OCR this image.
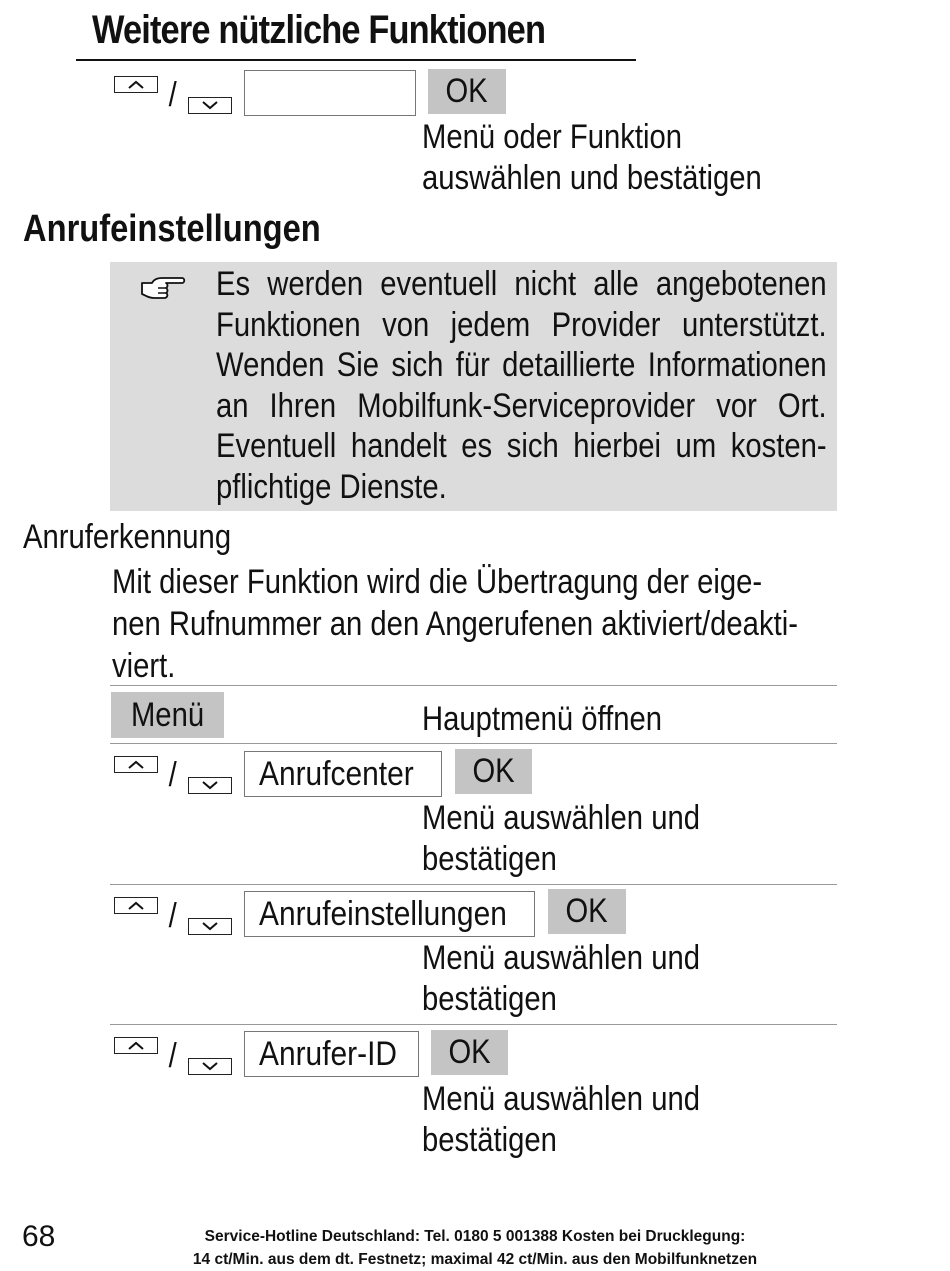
Weitere nützliche Funktionen
/	OK
Menü oder Funktion
auswählen und bestätigen
Anrufeinstellungen
Es werden eventuell nicht alle angebotenen
Funktionen von jedem Provider unterstützt.
Wenden Sie sich für detaillierte Informationen
an Ihren Mobilfunk-Serviceprovider vor Ort.
Eventuell handelt es sich hierbei um kosten-
pflichtige Dienste.
Anruferkennung
Mit dieser Funktion wird die Übertragung der eige-
nen Rufnummer an den Angerufenen aktiviert/deakti-
viert.
Menü	Hauptmenü öffnen
/	Anrufcenter	OK
Menü auswählen und
bestätigen
/	Anrufeinstellungen	OK
Menü auswählen und
bestätigen
/	Anrufer-ID	OK
Menü auswählen und
bestätigen
68	Service-Hotline Deutschland: Tel. 0180 5 001388 Kosten bei Drucklegung:
14 ct/Min. aus dem dt. Festnetz; maximal 42 ct/Min. aus den Mobilfunknetzen
